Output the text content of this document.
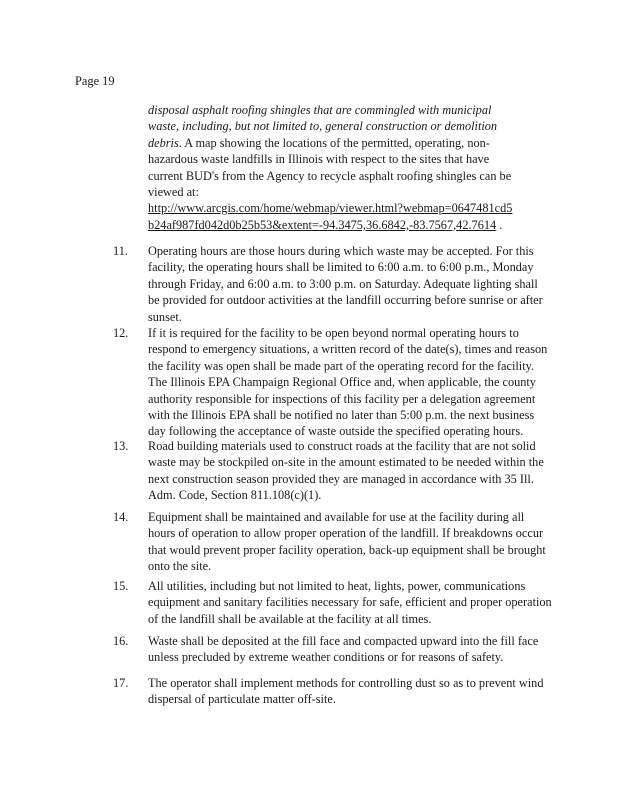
Page 19
disposal asphalt roofing shingles that are commingled with municipal
waste, including, but not limited to, general construction or demolition
debris. A map showing the locations of the permitted, operating, non-
hazardous waste landfills in Illinois with respect to the sites that have
current BUD's from the Agency to recycle asphalt roofing shingles can be
viewed at:
http://www.arcgis.com/home/webmap/viewer.html?webmap=0647481cd5
b24af987fd042d0b25b53&extent=-94.3475,36.6842,-83.7567,42.7614 .
11. Operating hours are those hours during which waste may be accepted. For this
facility, the operating hours shall be limited to 6:00 a.m. to 6:00 p.m., Monday
through Friday, and 6:00 a.m. to 3:00 p.m. on Saturday. Adequate lighting shall
be provided for outdoor activities at the landfill occurring before sunrise or after
sunset.
12. If it is required for the facility to be open beyond normal operating hours to
respond to emergency situations, a written record of the date(s), times and reason
the facility was open shall be made part of the operating record for the facility.
The Illinois EPA Champaign Regional Office and, when applicable, the county
authority responsible for inspections of this facility per a delegation agreement
with the Illinois EPA shall be notified no later than 5:00 p.m. the next business
day following the acceptance of waste outside the specified operating hours.
13. Road building materials used to construct roads at the facility that are not solid
waste may be stockpiled on-site in the amount estimated to be needed within the
next construction season provided they are managed in accordance with 35 Ill.
Adm. Code, Section 811.108(c)(1).
14. Equipment shall be maintained and available for use at the facility during all
hours of operation to allow proper operation of the landfill. If breakdowns occur
that would prevent proper facility operation, back-up equipment shall be brought
onto the site.
15. All utilities, including but not limited to heat, lights, power, communications
equipment and sanitary facilities necessary for safe, efficient and proper operation
of the landfill shall be available at the facility at all times.
16. Waste shall be deposited at the fill face and compacted upward into the fill face
unless precluded by extreme weather conditions or for reasons of safety.
17. The operator shall implement methods for controlling dust so as to prevent wind
dispersal of particulate matter off-site.
